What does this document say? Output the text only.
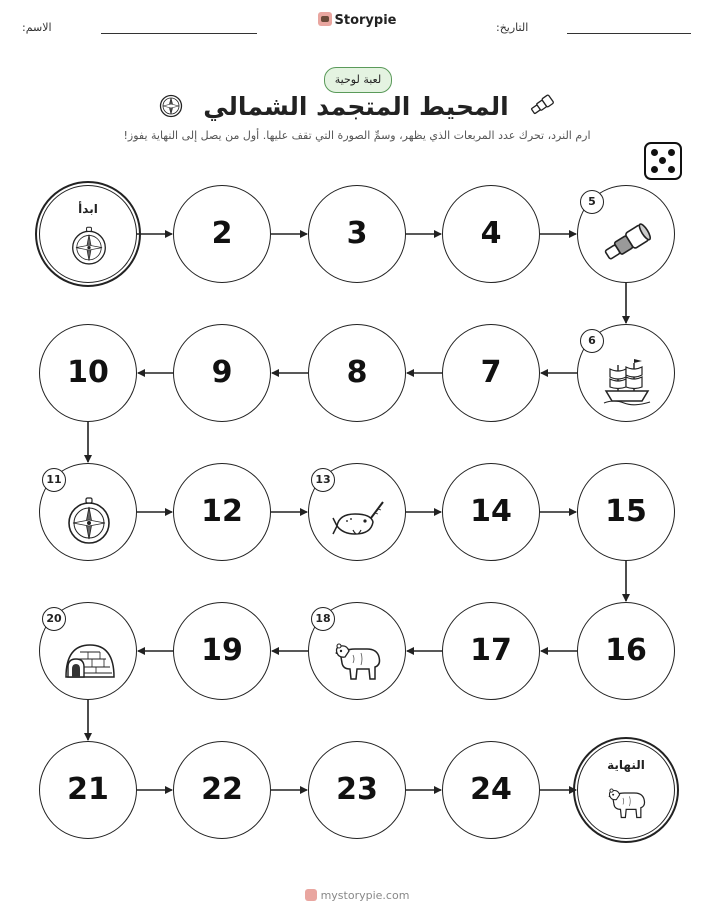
الاسم:	Storypie	التاريخ:
لعبة لوحية
المحيط المتجمد الشمالي
ارم النرد، تحرك عدد المربعات الذي يظهر، وسمِّ الصورة التي تقف عليها. أول من يصل إلى النهاية يفوز!
ابدأ
2	3	4
5
6
7
8
9
10
11
12
13
14	15
16
17
18
19
20
21	22	23	24
النهاية
mystorypie.com
